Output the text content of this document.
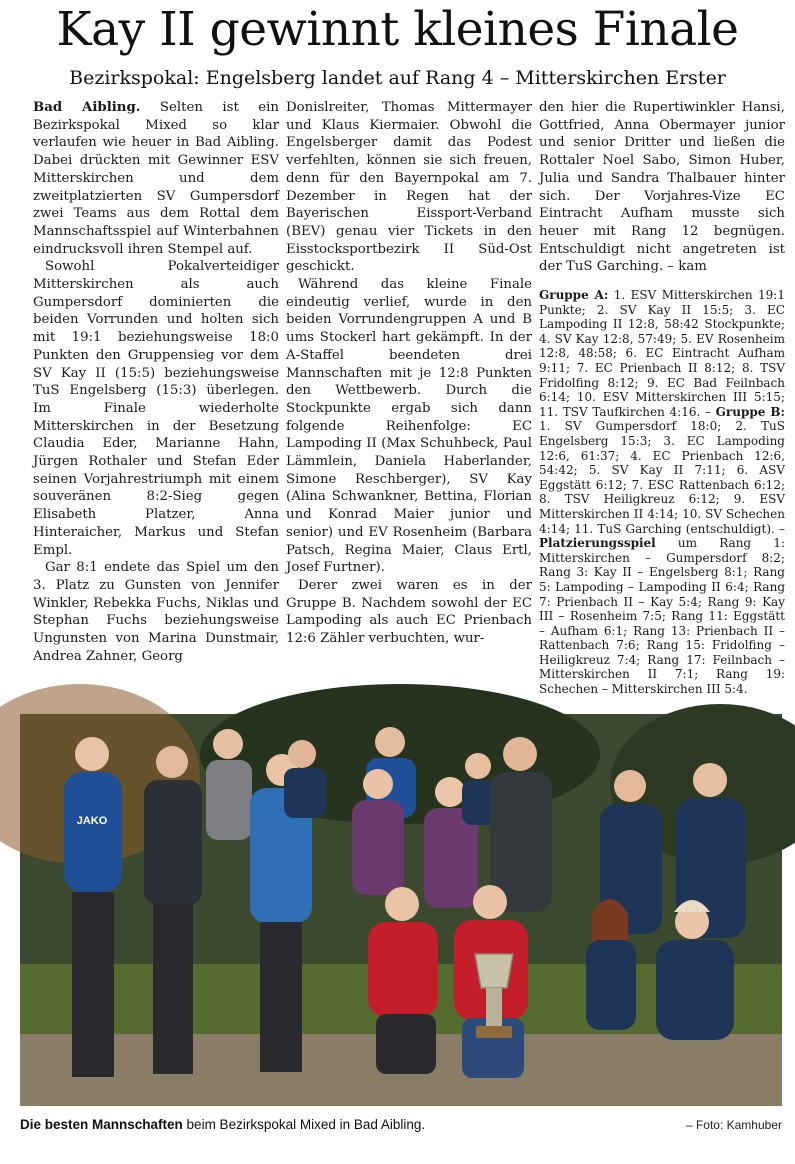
Kay II gewinnt kleines Finale
Bezirkspokal: Engelsberg landet auf Rang 4 – Mitterskirchen Erster

Bad Aibling. Selten ist ein Bezirkspokal Mixed so klar verlaufen wie heuer in Bad Aibling. Dabei drückten mit Gewinner ESV Mitterskirchen und dem zweitplatzierten SV Gumpersdorf zwei Teams aus dem Rottal dem Mannschaftsspiel auf Winterbahnen eindrucksvoll ihren Stempel auf.

Sowohl Pokalverteidiger Mitterskirchen als auch Gumpersdorf dominierten die beiden Vorrunden und holten sich mit 19:1 beziehungsweise 18:0 Punkten den Gruppensieg vor dem SV Kay II (15:5) beziehungsweise TuS Engelsberg (15:3) überlegen. Im Finale wiederholte Mitterskirchen in der Besetzung Claudia Eder, Marianne Hahn, Jürgen Rothaler und Stefan Eder seinen Vorjahrestriumph mit einem souveränen 8:2-Sieg gegen Elisabeth Platzer, Anna Hinteraicher, Markus und Stefan Empl.

Gar 8:1 endete das Spiel um den 3. Platz zu Gunsten von Jennifer Winkler, Rebekka Fuchs, Niklas und Stephan Fuchs beziehungsweise Ungunsten von Marina Dunstmair, Andrea Zahner, Georg

Donislreiter, Thomas Mittermayer und Klaus Kiermaier. Obwohl die Engelsberger damit das Podest verfehlten, können sie sich freuen, denn für den Bayernpokal am 7. Dezember in Regen hat der Bayerischen Eissport-Verband (BEV) genau vier Tickets in den Eisstocksportbezirk II Süd-Ost geschickt.

Während das kleine Finale eindeutig verlief, wurde in den beiden Vorrundengruppen A und B ums Stockerl hart gekämpft. In der A-Staffel beendeten drei Mannschaften mit je 12:8 Punkten den Wettbewerb. Durch die Stockpunkte ergab sich dann folgende Reihenfolge: EC Lampoding II (Max Schuhbeck, Paul Lämmlein, Daniela Haberlander, Simone Reschberger), SV Kay (Alina Schwankner, Bettina, Florian und Konrad Maier junior und senior) und EV Rosenheim (Barbara Patsch, Regina Maier, Claus Ertl, Josef Furtner).

Derer zwei waren es in der Gruppe B. Nachdem sowohl der EC Lampoding als auch EC Prienbach 12:6 Zähler verbuchten, wur-

den hier die Rupertiwinkler Hansi, Gottfried, Anna Obermayer junior und senior Dritter und ließen die Rottaler Noel Sabo, Simon Huber, Julia und Sandra Thalbauer hinter sich. Der Vorjahres-Vize EC Eintracht Aufham musste sich heuer mit Rang 12 begnügen. Entschuldigt nicht angetreten ist der TuS Garching. – kam

Gruppe A: 1. ESV Mitterskirchen 19:1 Punkte; 2. SV Kay II 15:5; 3. EC Lampoding II 12:8, 58:42 Stockpunkte; 4. SV Kay 12:8, 57:49; 5. EV Rosenheim 12:8, 48:58; 6. EC Eintracht Aufham 9:11; 7. EC Prienbach II 8:12; 8. TSV Fridolfing 8:12; 9. EC Bad Feilnbach 6:14; 10. ESV Mitterskirchen III 5:15; 11. TSV Taufkirchen 4:16. – Gruppe B: 1. SV Gumpersdorf 18:0; 2. TuS Engelsberg 15:3; 3. EC Lampoding 12:6, 61:37; 4. EC Prienbach 12:6, 54:42; 5. SV Kay II 7:11; 6. ASV Eggstätt 6:12; 7. ESC Rattenbach 6:12; 8. TSV Heiligkreuz 6:12; 9. ESV Mitterskirchen II 4:14; 10. SV Schechen 4:14; 11. TuS Garching (entschuldigt). – Platzierungsspiel um Rang 1: Mitterskirchen – Gumpersdorf 8:2; Rang 3: Kay II – Engelsberg 8:1; Rang 5: Lampoding – Lampoding II 6:4; Rang 7: Prienbach II – Kay 5:4; Rang 9: Kay III – Rosenheim 7:5; Rang 11: Eggstätt – Aufham 6:1; Rang 13: Prienbach II – Rattenbach 7:6; Rang 15: Fridolfing – Heiligkreuz 7:4; Rang 17: Feilnbach – Mitterskirchen II 7:1; Rang 19: Schechen – Mitterskirchen III 5:4.

JAKO
Die besten Mannschaften beim Bezirkspokal Mixed in Bad Aibling.	– Foto: Kamhuber
